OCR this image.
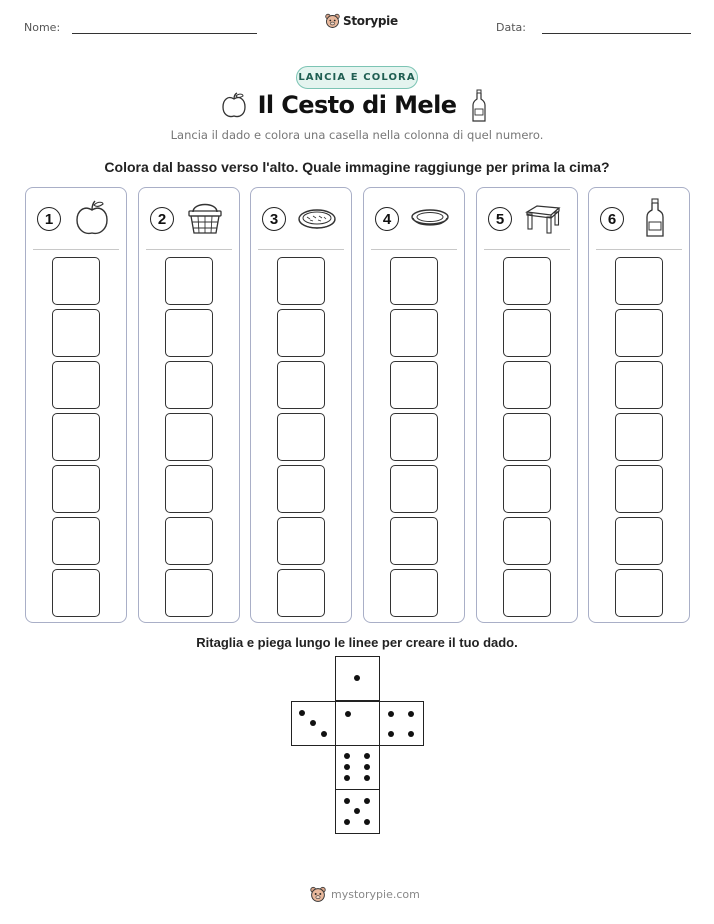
Nome:	Storypie	Data:
LANCIA E COLORA
Il Cesto di Mele
Lancia il dado e colora una casella nella colonna di quel numero.
Colora dal basso verso l'alto. Quale immagine raggiunge per prima la cima?
1	2	3	4	5	6
Ritaglia e piega lungo le linee per creare il tuo dado.
mystorypie.com
